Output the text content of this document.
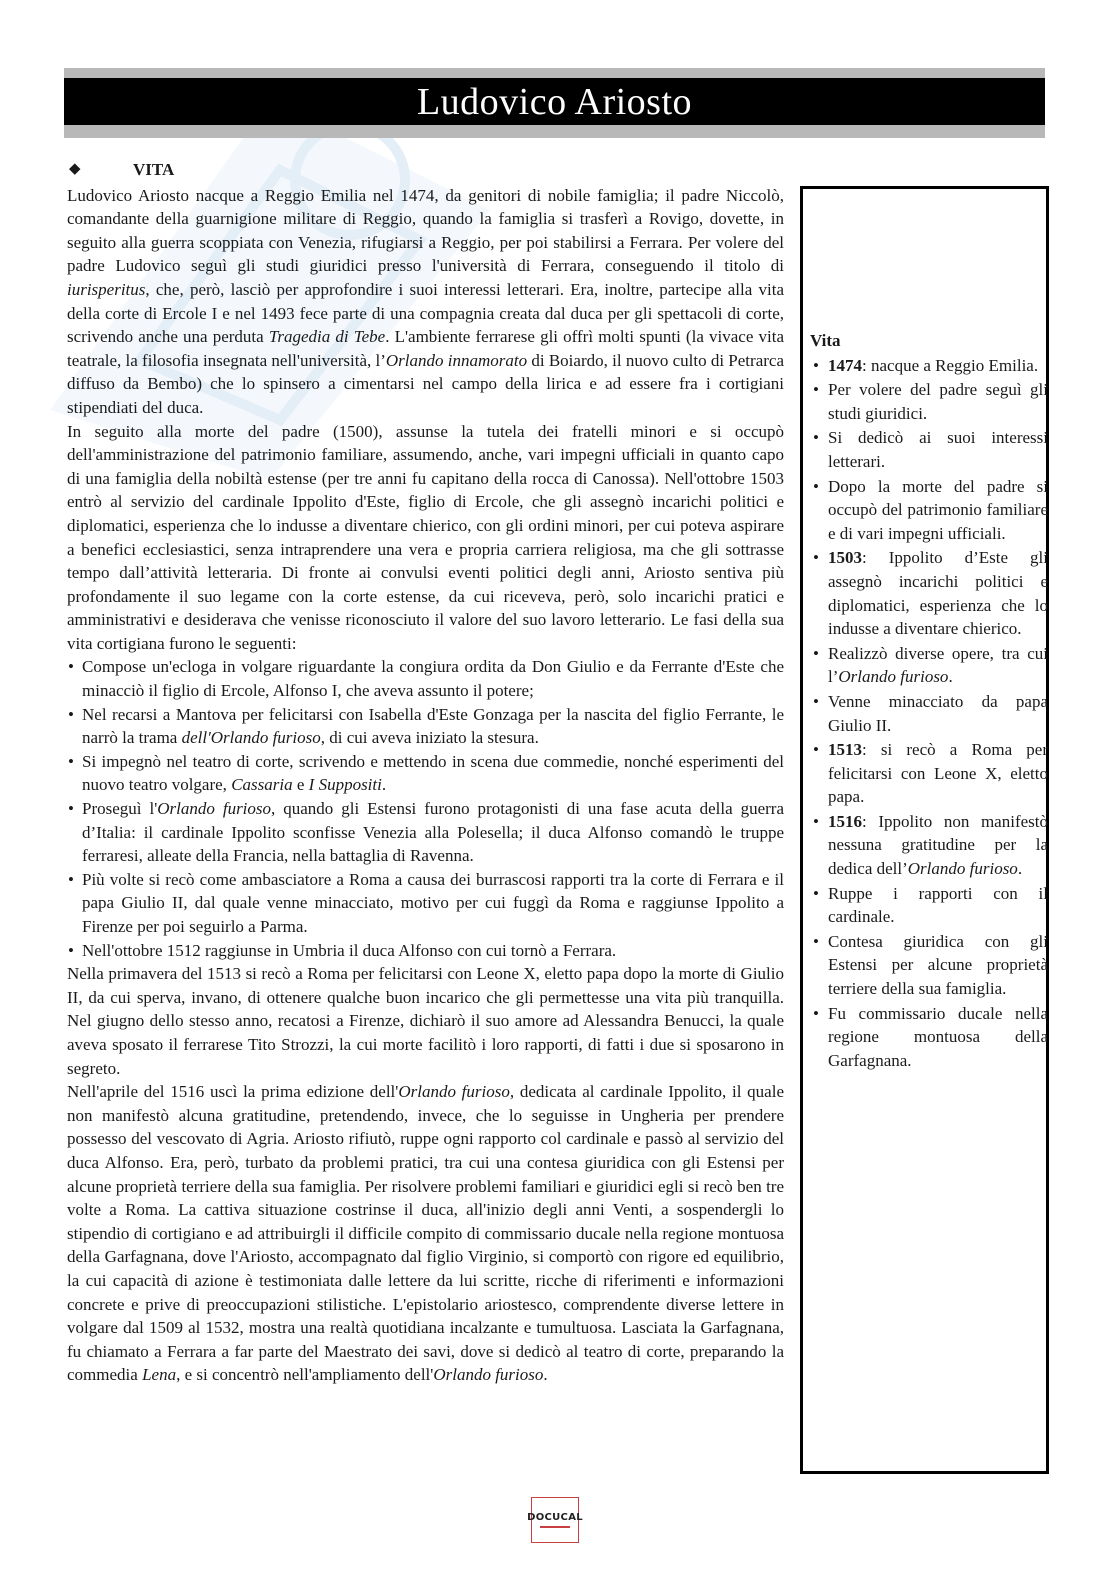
Ludovico Ariosto
◆	VITA

Ludovico Ariosto nacque a Reggio Emilia nel 1474, da genitori di nobile famiglia; il padre Niccolò, comandante della guarnigione militare di Reggio, quando la famiglia si trasferì a Rovigo, dovette, in seguito alla guerra scoppiata con Venezia, rifugiarsi a Reggio, per poi stabilirsi a Ferrara. Per volere del padre Ludovico seguì gli studi giuridici presso l'università di Ferrara, conseguendo il titolo di iurisperitus, che, però, lasciò per approfondire i suoi interessi letterari. Era, inoltre, partecipe alla vita della corte di Ercole I e nel 1493 fece parte di una compagnia creata dal duca per gli spettacoli di corte, scrivendo anche una perduta Tragedia di Tebe. L'ambiente ferrarese gli offrì molti spunti (la vivace vita teatrale, la filosofia insegnata nell'università, l’Orlando innamorato di Boiardo, il nuovo culto di Petrarca diffuso da Bembo) che lo spinsero a cimentarsi nel campo della lirica e ad essere fra i cortigiani stipendiati del duca.

In seguito alla morte del padre (1500), assunse la tutela dei fratelli minori e si occupò dell'amministrazione del patrimonio familiare, assumendo, anche, vari impegni ufficiali in quanto capo di una famiglia della nobiltà estense (per tre anni fu capitano della rocca di Canossa). Nell'ottobre 1503 entrò al servizio del cardinale Ippolito d'Este, figlio di Ercole, che gli assegnò incarichi politici e diplomatici, esperienza che lo indusse a diventare chierico, con gli ordini minori, per cui poteva aspirare a benefici ecclesiastici, senza intraprendere una vera e propria carriera religiosa, ma che gli sottrasse tempo dall’attività letteraria. Di fronte ai convulsi eventi politici degli anni, Ariosto sentiva più profondamente il suo legame con la corte estense, da cui riceveva, però, solo incarichi pratici e amministrativi e desiderava che venisse riconosciuto il valore del suo lavoro letterario. Le fasi della sua vita cortigiana furono le seguenti:

• Compose un'ecloga in volgare riguardante la congiura ordita da Don Giulio e da Ferrante d'Este che minacciò il figlio di Ercole, Alfonso I, che aveva assunto il potere;
• Nel recarsi a Mantova per felicitarsi con Isabella d'Este Gonzaga per la nascita del figlio Ferrante, le narrò la trama dell'Orlando furioso, di cui aveva iniziato la stesura.
• Si impegnò nel teatro di corte, scrivendo e mettendo in scena due commedie, nonché esperimenti del nuovo teatro volgare, Cassaria e I Suppositi.
• Proseguì l'Orlando furioso, quando gli Estensi furono protagonisti di una fase acuta della guerra d’Italia: il cardinale Ippolito sconfisse Venezia alla Polesella; il duca Alfonso comandò le truppe ferraresi, alleate della Francia, nella battaglia di Ravenna.
• Più volte si recò come ambasciatore a Roma a causa dei burrascosi rapporti tra la corte di Ferrara e il papa Giulio II, dal quale venne minacciato, motivo per cui fuggì da Roma e raggiunse Ippolito a Firenze per poi seguirlo a Parma.
• Nell'ottobre 1512 raggiunse in Umbria il duca Alfonso con cui tornò a Ferrara.

Nella primavera del 1513 si recò a Roma per felicitarsi con Leone X, eletto papa dopo la morte di Giulio II, da cui sperva, invano, di ottenere qualche buon incarico che gli permettesse una vita più tranquilla. Nel giugno dello stesso anno, recatosi a Firenze, dichiarò il suo amore ad Alessandra Benucci, la quale aveva sposato il ferrarese Tito Strozzi, la cui morte facilitò i loro rapporti, di fatti i due si sposarono in segreto.

Nell'aprile del 1516 uscì la prima edizione dell'Orlando furioso, dedicata al cardinale Ippolito, il quale non manifestò alcuna gratitudine, pretendendo, invece, che lo seguisse in Ungheria per prendere possesso del vescovato di Agria. Ariosto rifiutò, ruppe ogni rapporto col cardinale e passò al servizio del duca Alfonso. Era, però, turbato da problemi pratici, tra cui una contesa giuridica con gli Estensi per alcune proprietà terriere della sua famiglia. Per risolvere problemi familiari e giuridici egli si recò ben tre volte a Roma. La cattiva situazione costrinse il duca, all'inizio degli anni Venti, a sospendergli lo stipendio di cortigiano e ad attribuirgli il difficile compito di commissario ducale nella regione montuosa della Garfagnana, dove l'Ariosto, accompagnato dal figlio Virginio, si comportò con rigore ed equilibrio, la cui capacità di azione è testimoniata dalle lettere da lui scritte, ricche di riferimenti e informazioni concrete e prive di preoccupazioni stilistiche. L'epistolario ariostesco, comprendente diverse lettere in volgare dal 1509 al 1532, mostra una realtà quotidiana incalzante e tumultuosa. Lasciata la Garfagnana, fu chiamato a Ferrara a far parte del Maestrato dei savi, dove si dedicò al teatro di corte, preparando la commedia Lena, e si concentrò nell'ampliamento dell'Orlando furioso.

Vita
• 1474: nacque a Reggio Emilia.
• Per volere del padre seguì gli studi giuridici.
• Si dedicò ai suoi interessi letterari.
• Dopo la morte del padre si occupò del patrimonio familiare e di vari impegni ufficiali.
• 1503: Ippolito d’Este gli assegnò incarichi politici e diplomatici, esperienza che lo indusse a diventare chierico.
• Realizzò diverse opere, tra cui l’Orlando furioso.
• Venne minacciato da papa Giulio II.
• 1513: si recò a Roma per felicitarsi con Leone X, eletto papa.
• 1516: Ippolito non manifestò nessuna gratitudine per la dedica dell’Orlando furioso.
• Ruppe i rapporti con il cardinale.
• Contesa giuridica con gli Estensi per alcune proprietà terriere della sua famiglia.
• Fu commissario ducale nella regione montuosa della Garfagnana.
DOCUCAL
